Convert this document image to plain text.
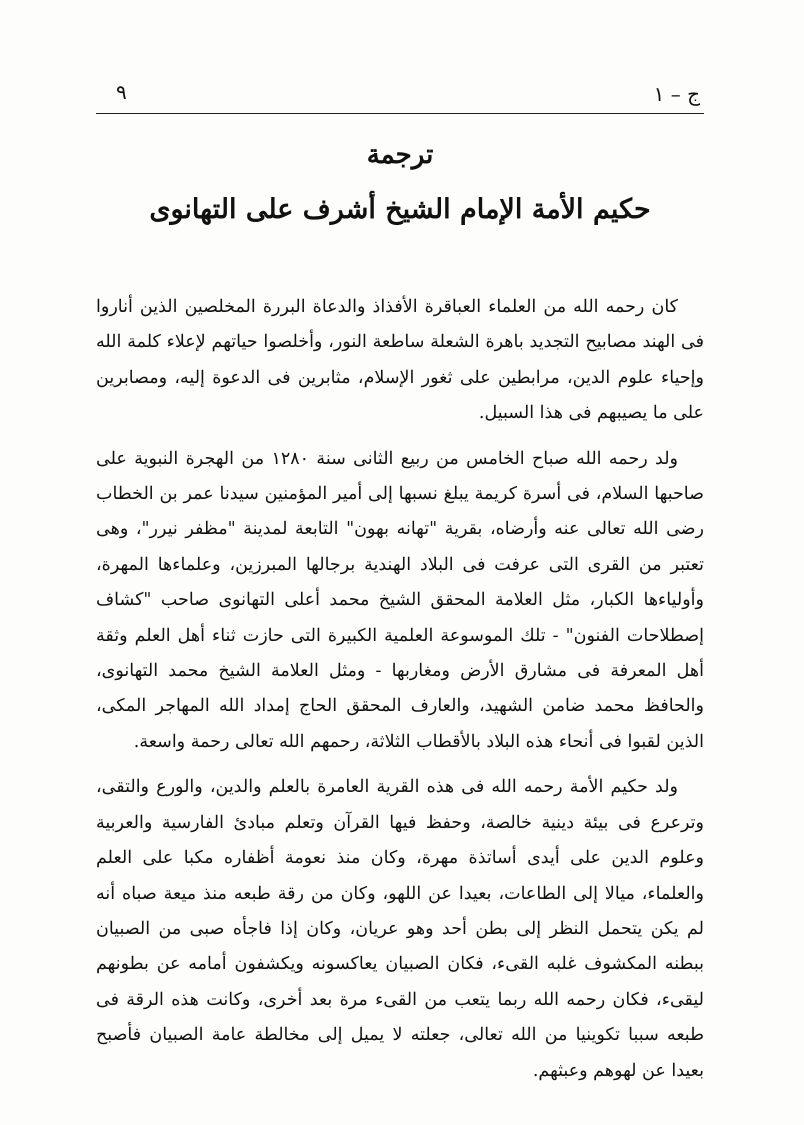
٩	ج – ١
ترجمة
حكيم الأمة الإمام الشيخ أشرف على التهانوى

كان رحمه الله من العلماء العباقرة الأفذاذ والدعاة البررة المخلصين الذين أناروا فى الهند مصابيح التجديد باهرة الشعلة ساطعة النور، وأخلصوا حياتهم لإعلاء كلمة الله وإحياء علوم الدين، مرابطين على ثغور الإسلام، مثابرين فى الدعوة إليه، ومصابرين على ما يصيبهم فى هذا السبيل.

ولد رحمه الله صباح الخامس من ربيع الثانى سنة ١٢٨٠ من الهجرة النبوية على صاحبها السلام، فى أسرة كريمة يبلغ نسبها إلى أمير المؤمنين سيدنا عمر بن الخطاب رضى الله تعالى عنه وأرضاه، بقرية "تهانه بهون" التابعة لمدينة "مظفر نيرر"، وهى تعتبر من القرى التى عرفت فى البلاد الهندية برجالها المبرزين، وعلماءها المهرة، وأولياءها الكبار، مثل العلامة المحقق الشيخ محمد أعلى التهانوى صاحب "كشاف إصطلاحات الفنون" - تلك الموسوعة العلمية الكبيرة التى حازت ثناء أهل العلم وثقة أهل المعرفة فى مشارق الأرض ومغاربها - ومثل العلامة الشيخ محمد التهانوى، والحافظ محمد ضامن الشهيد، والعارف المحقق الحاج إمداد الله المهاجر المكى، الذين لقبوا فى أنحاء هذه البلاد بالأقطاب الثلاثة، رحمهم الله تعالى رحمة واسعة.

ولد حكيم الأمة رحمه الله فى هذه القرية العامرة بالعلم والدين، والورع والتقى، وترعرع فى بيئة دينية خالصة، وحفظ فيها القرآن وتعلم مبادئ الفارسية والعربية وعلوم الدين على أيدى أساتذة مهرة، وكان منذ نعومة أظفاره مكبا على العلم والعلماء، ميالا إلى الطاعات، بعيدا عن اللهو، وكان من رقة طبعه منذ ميعة صباه أنه لم يكن يتحمل النظر إلى بطن أحد وهو عريان، وكان إذا فاجأه صبى من الصبيان ببطنه المكشوف غلبه القىء، فكان الصبيان يعاكسونه ويكشفون أمامه عن بطونهم ليقىء، فكان رحمه الله ربما يتعب من القىء مرة بعد أخرى، وكانت هذه الرقة فى طبعه سببا تكوينيا من الله تعالى، جعلته لا يميل إلى مخالطة عامة الصبيان فأصبح بعيدا عن لهوهم وعبثهم.
